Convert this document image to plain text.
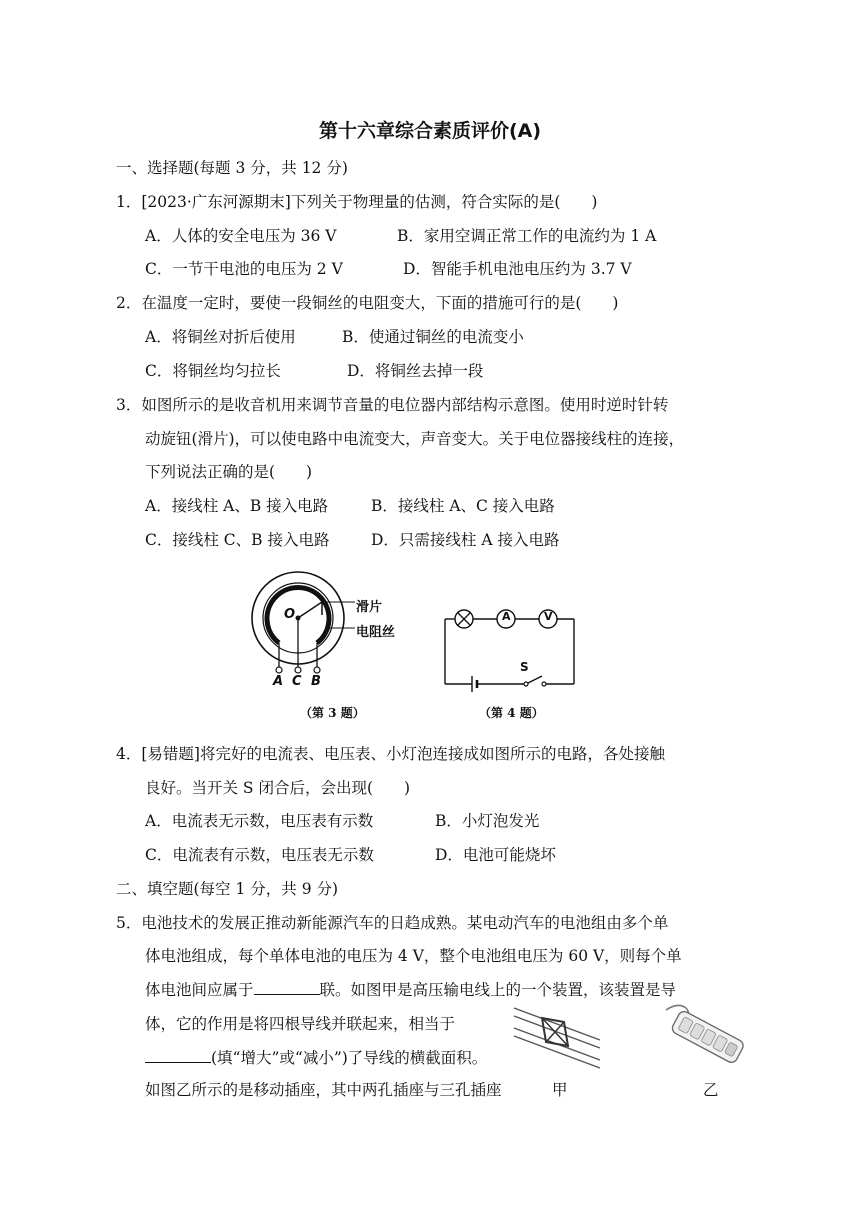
第十六章综合素质评价(A)
一、选择题(每题 3 分，共 12 分)
1．[2023·广东河源期末]下列关于物理量的估测，符合实际的是(　　)
A．人体的安全电压为 36 V	B．家用空调正常工作的电流约为 1 A
C．一节干电池的电压为 2 V	D．智能手机电池电压约为 3.7 V
2．在温度一定时，要使一段铜丝的电阻变大，下面的措施可行的是(　　)
A．将铜丝对折后使用	B．使通过铜丝的电流变小
C．将铜丝均匀拉长	D．将铜丝去掉一段
3．如图所示的是收音机用来调节音量的电位器内部结构示意图。使用时逆时针转
动旋钮(滑片)，可以使电路中电流变大，声音变大。关于电位器接线柱的连接，
下列说法正确的是(　　)
A．接线柱 A、B 接入电路	B．接线柱 A、C 接入电路
C．接线柱 C、B 接入电路	D．只需接线柱 A 接入电路
滑片
电阻丝
O
A C B
（第 3 题）
A	V
S
（第 4 题）
4．[易错题]将完好的电流表、电压表、小灯泡连接成如图所示的电路，各处接触
良好。当开关 S 闭合后，会出现(　　)
A．电流表无示数，电压表有示数	B．小灯泡发光
C．电流表有示数，电压表无示数	D．电池可能烧坏
二、填空题(每空 1 分，共 9 分)
5．电池技术的发展正推动新能源汽车的日趋成熟。某电动汽车的电池组由多个单
体电池组成，每个单体电池的电压为 4 V，整个电池组电压为 60 V，则每个单
体电池间应属于	联。如图甲是高压输电线上的一个装置，该装置是导
体，它的作用是将四根导线并联起来，相当于
(填“增大”或“减小”)了导线的横截面积。
如图乙所示的是移动插座，其中两孔插座与三孔插座	甲	乙
